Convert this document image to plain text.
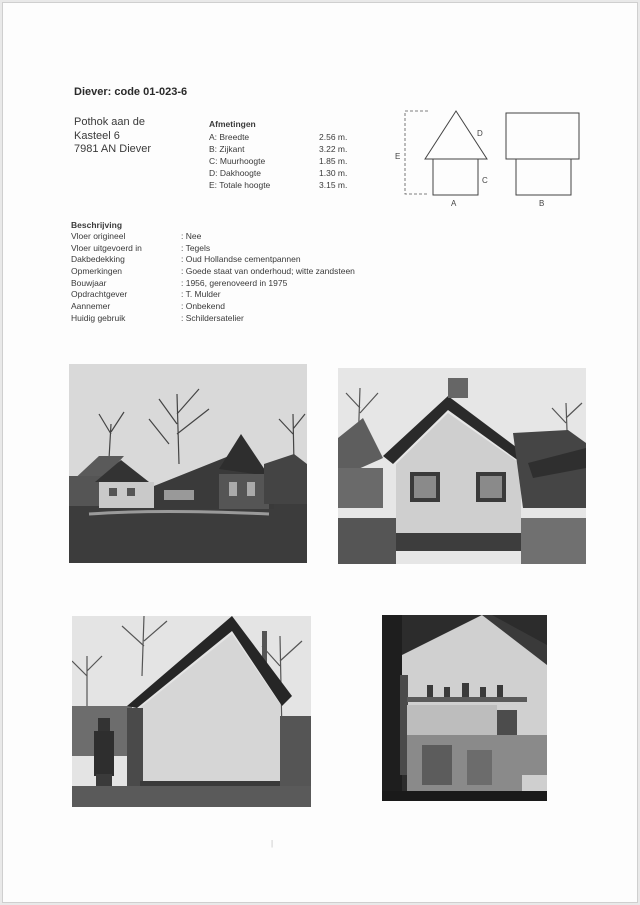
Diever: code 01-023-6
Pothok aan de
Kasteel 6
7981 AN Diever
Afmetingen
A: Breedte	2.56 m.
B: Zijkant	3.22 m.
C: Muurhoogte	1.85 m.
D: Dakhoogte	1.30 m.
E: Totale hoogte	3.15 m.
E
D
C
A	B
Beschrijving
Vloer origineel	: Nee
Vloer uitgevoerd in	: Tegels
Dakbedekking	: Oud Hollandse cementpannen
Opmerkingen	: Goede staat van onderhoud; witte zandsteen
Bouwjaar	: 1956, gerenoveerd in 1975
Opdrachtgever	: T. Mulder
Aannemer	: Onbekend
Huidig gebruik	: Schildersatelier
|
